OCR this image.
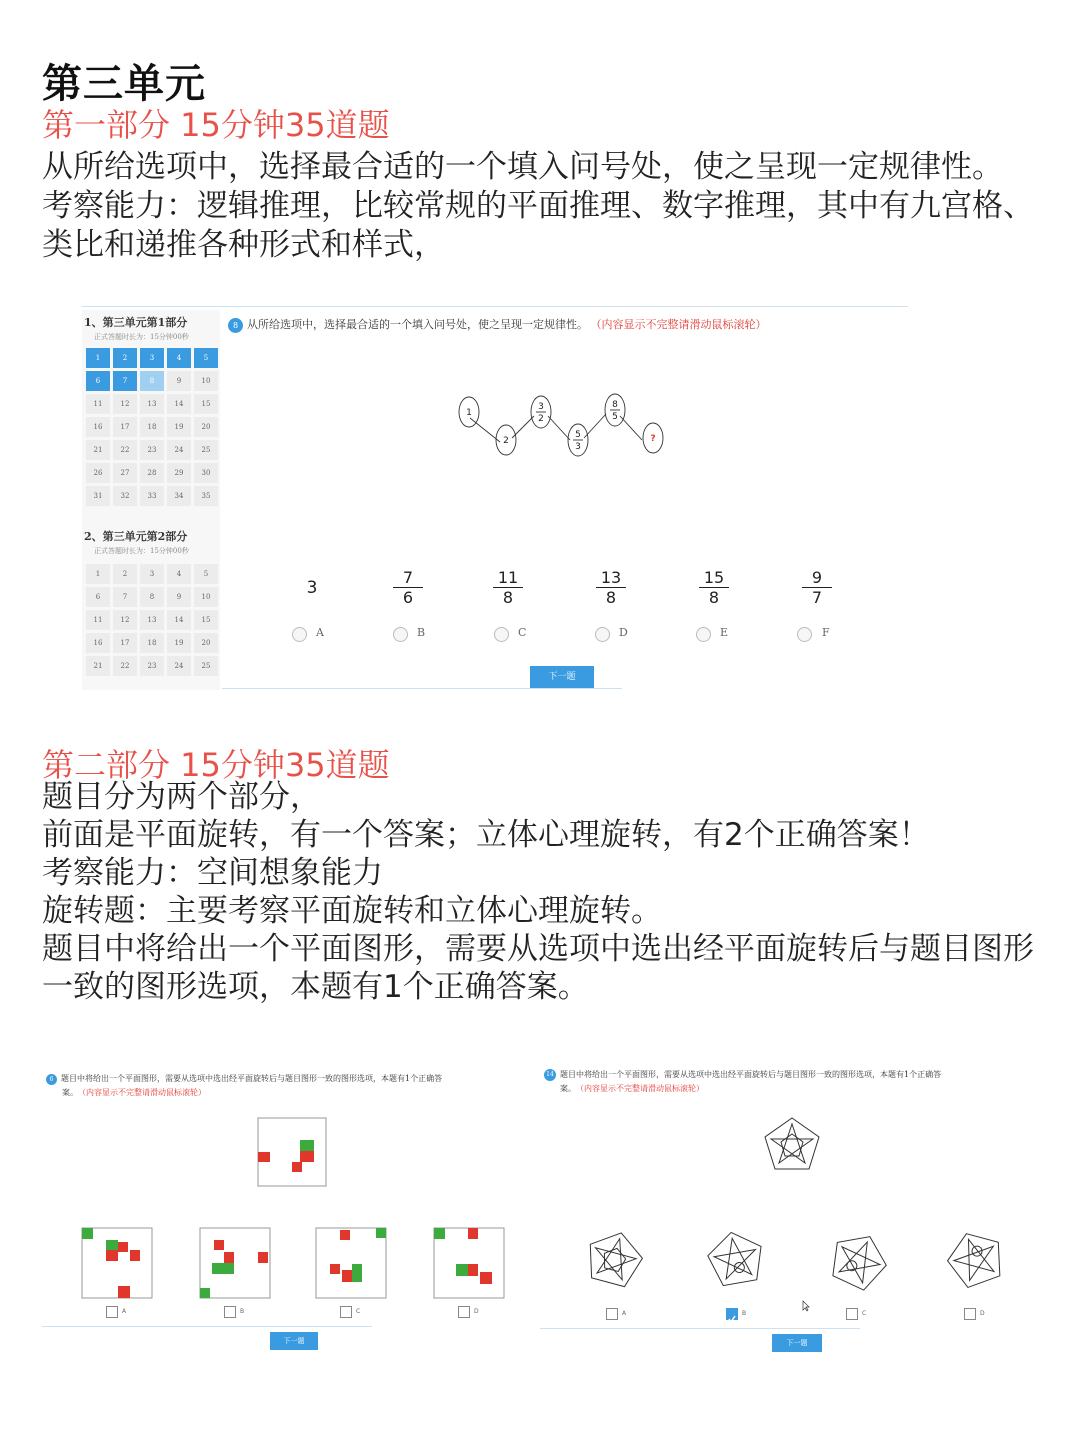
第三单元
第一部分 15分钟35道题
从所给选项中，选择最合适的一个填入问号处，使之呈现一定规律性。
考察能力：逻辑推理，比较常规的平面推理、数字推理，其中有九宫格、
类比和递推各种形式和样式，
1、第三单元第1部分
正式答题时长为：15分钟00秒
1	2	3	4	5
6	7	8	9	10
11	12	13	14	15
16	17	18	19	20
21	22	23	24	25
26	27	28	29	30
31	32	33	34	35
2、第三单元第2部分
正式答题时长为：15分钟00秒
1	2	3	4	5
6	7	8	9	10
11	12	13	14	15
16	17	18	19	20
21	22	23	24	25
8 从所给选项中，选择最合适的一个填入问号处，使之呈现一定规律性。 （内容显示不完整请滑动鼠标滚轮）
1
2
3
2
5
3
8
5
?
3	$\frac{7}{6}$	$\frac{11}{8}$	$\frac{13}{8}$	$\frac{15}{8}$	$\frac{9}{7}$
A	B	C	D	E	F
下一题
第二部分 15分钟35道题
题目分为两个部分，
前面是平面旋转，有一个答案；立体心理旋转，有2个正确答案！
考察能力：空间想象能力
旋转题：主要考察平面旋转和立体心理旋转。
题目中将给出一个平面图形，需要从选项中选出经平面旋转后与题目图形
一致的图形选项，本题有1个正确答案。
6 题目中将给出一个平面图形，需要从选项中选出经平面旋转后与题目图形一致的图形选项，本题有1个正确答
案。 （内容显示不完整请滑动鼠标滚轮）
A	B	C	D
下一题
14 题目中将给出一个平面图形，需要从选项中选出经平面旋转后与题目图形一致的图形选项，本题有1个正确答
案。 （内容显示不完整请滑动鼠标滚轮）
A	B	C	D
下一题
